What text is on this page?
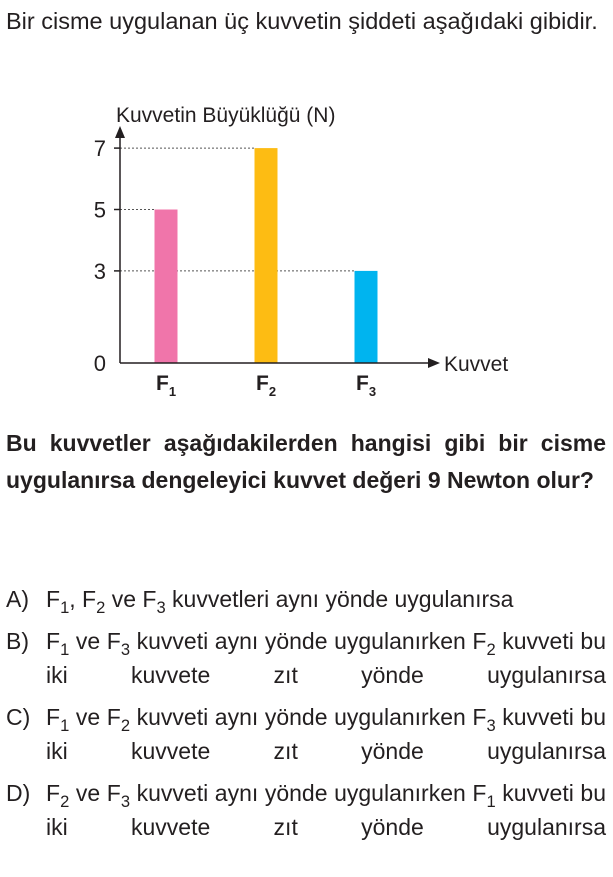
Bir cisme uygulanan üç kuvvetin şiddeti aşağıdaki gibidir.
0
3
5
7
Kuvvetin Büyüklüğü (N)
Kuvvet
$F_1$	$F_2$	$F_3$
Bu kuvvetler aşağıdakilerden hangisi gibi bir cisme uygulanırsa dengeleyici kuvvet değeri 9 Newton olur?
A) $F_1$, $F_2$ ve $F_3$ kuvvetleri aynı yönde uygulanırsa
B) $F_1$ ve $F_3$ kuvveti aynı yönde uygulanırken $F_2$ kuvveti bu iki kuvvete zıt yönde uygulanırsa
C) $F_1$ ve $F_2$ kuvveti aynı yönde uygulanırken $F_3$ kuvveti bu iki kuvvete zıt yönde uygulanırsa
D) $F_2$ ve $F_3$ kuvveti aynı yönde uygulanırken $F_1$ kuvveti bu iki kuvvete zıt yönde uygulanırsa
